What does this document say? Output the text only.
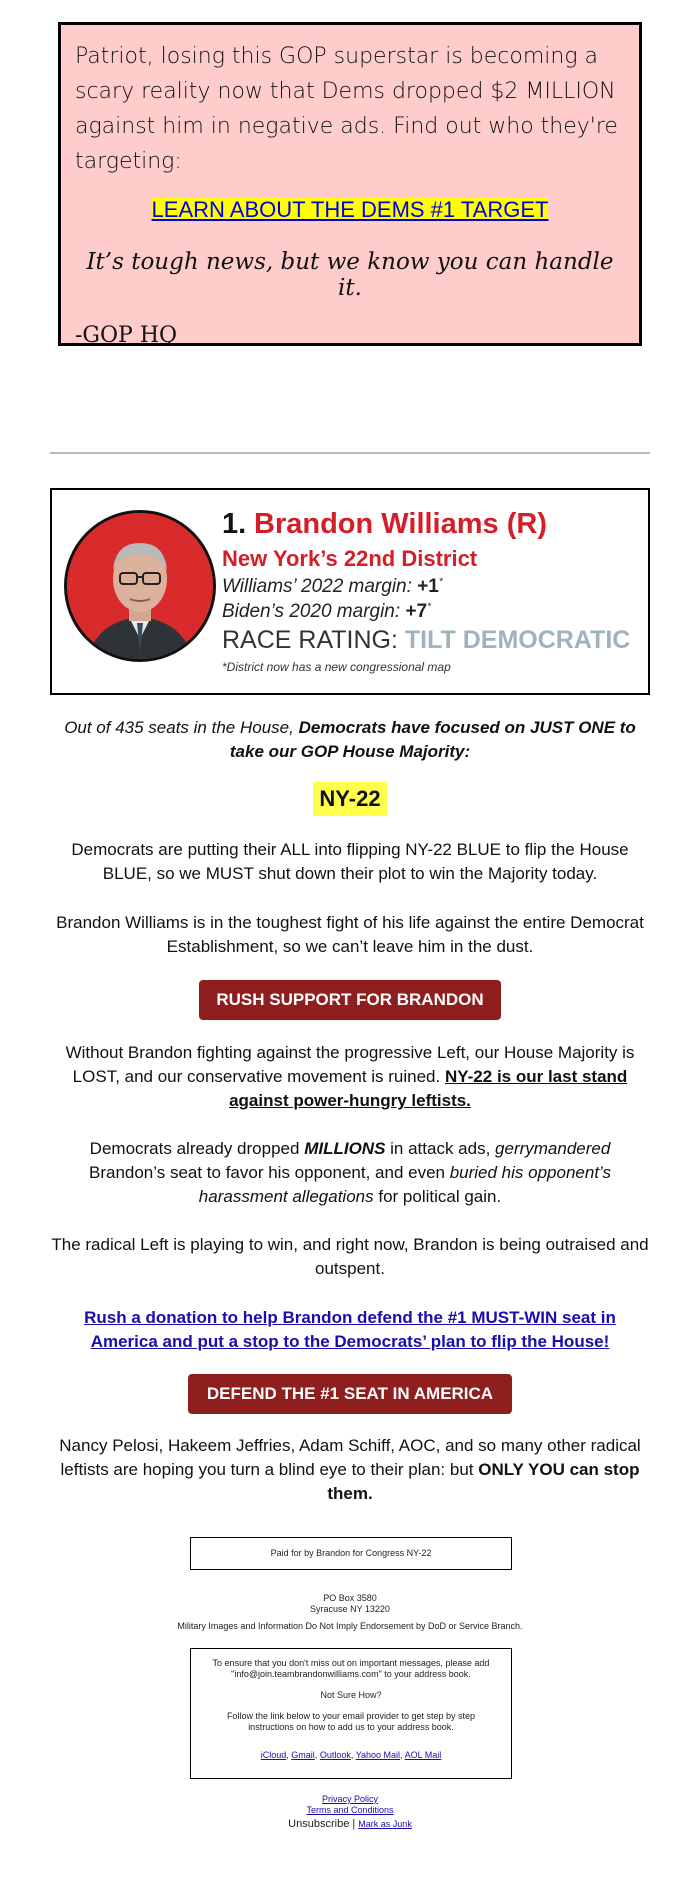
Patriot, losing this GOP superstar is becoming a scary reality now that Dems dropped $2 MILLION against him in negative ads. Find out who they're targeting:

LEARN ABOUT THE DEMS #1 TARGET

It’s tough news, but we know you can handle it.

-GOP HQ

1. Brandon Williams (R)
New York’s 22nd District
Williams’ 2022 margin: +1*
Biden’s 2020 margin: +7*
RACE RATING: TILT DEMOCRATIC
*District now has a new congressional map

Out of 435 seats in the House, Democrats have focused on JUST ONE to take our GOP House Majority:

NY-22

Democrats are putting their ALL into flipping NY-22 BLUE to flip the House BLUE, so we MUST shut down their plot to win the Majority today.

Brandon Williams is in the toughest fight of his life against the entire Democrat Establishment, so we can’t leave him in the dust.

RUSH SUPPORT FOR BRANDON

Without Brandon fighting against the progressive Left, our House Majority is LOST, and our conservative movement is ruined. NY-22 is our last stand against power-hungry leftists.

Democrats already dropped MILLIONS in attack ads, gerrymandered Brandon’s seat to favor his opponent, and even buried his opponent’s harassment allegations for political gain.

The radical Left is playing to win, and right now, Brandon is being outraised and outspent.

Rush a donation to help Brandon defend the #1 MUST-WIN seat in America and put a stop to the Democrats’ plan to flip the House!

DEFEND THE #1 SEAT IN AMERICA

Nancy Pelosi, Hakeem Jeffries, Adam Schiff, AOC, and so many other radical leftists are hoping you turn a blind eye to their plan: but ONLY YOU can stop them.

Paid for by Brandon for Congress NY-22
PO Box 3580
Syracuse NY 13220
Military Images and Information Do Not Imply Endorsement by DoD or Service Branch.
To ensure that you don't miss out on important messages, please add "info@join.teambrandonwilliams.com" to your address book.
Not Sure How?
Follow the link below to your email provider to get step by step instructions on how to add us to your address book.
iCloud, Gmail, Outlook, Yahoo Mail, AOL Mail
Privacy Policy
Terms and Conditions
Unsubscribe | Mark as Junk
